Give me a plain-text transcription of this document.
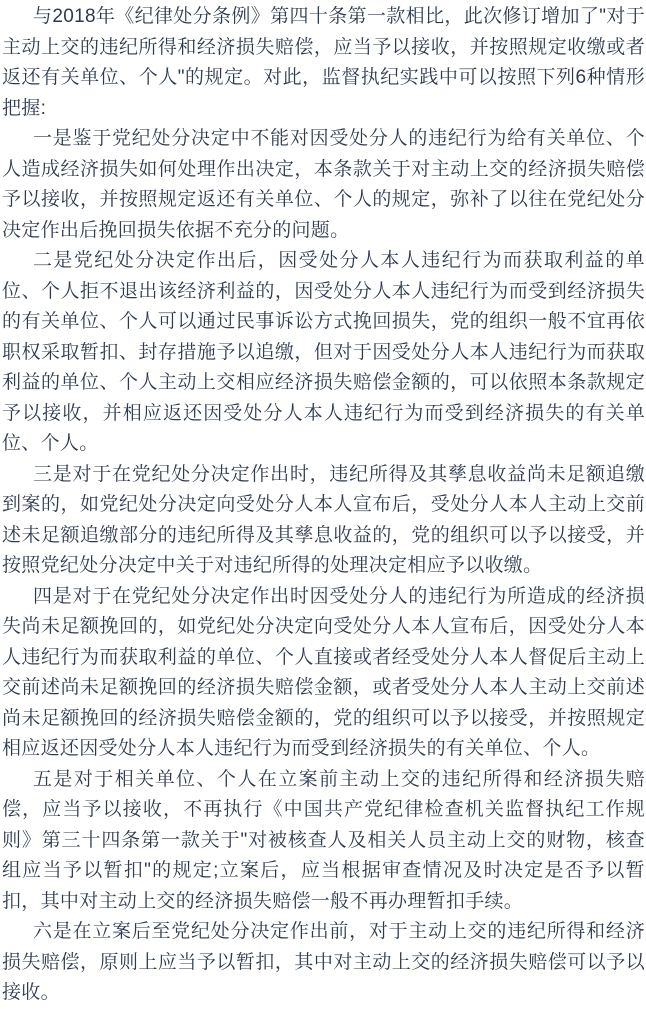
与2018年《纪律处分条例》第四十条第一款相比，此次修订增加了"对于主动上交的违纪所得和经济损失赔偿，应当予以接收，并按照规定收缴或者返还有关单位、个人"的规定。对此，监督执纪实践中可以按照下列6种情形把握:

一是鉴于党纪处分决定中不能对因受处分人的违纪行为给有关单位、个人造成经济损失如何处理作出决定，本条款关于对主动上交的经济损失赔偿予以接收，并按照规定返还有关单位、个人的规定，弥补了以往在党纪处分决定作出后挽回损失依据不充分的问题。

二是党纪处分决定作出后，因受处分人本人违纪行为而获取利益的单位、个人拒不退出该经济利益的，因受处分人本人违纪行为而受到经济损失的有关单位、个人可以通过民事诉讼方式挽回损失，党的组织一般不宜再依职权采取暂扣、封存措施予以追缴，但对于因受处分人本人违纪行为而获取利益的单位、个人主动上交相应经济损失赔偿金额的，可以依照本条款规定予以接收，并相应返还因受处分人本人违纪行为而受到经济损失的有关单位、个人。

三是对于在党纪处分决定作出时，违纪所得及其孳息收益尚未足额追缴到案的，如党纪处分决定向受处分人本人宣布后，受处分人本人主动上交前述未足额追缴部分的违纪所得及其孳息收益的，党的组织可以予以接受，并按照党纪处分决定中关于对违纪所得的处理决定相应予以收缴。

四是对于在党纪处分决定作出时因受处分人的违纪行为所造成的经济损失尚未足额挽回的，如党纪处分决定向受处分人本人宣布后，因受处分人本人违纪行为而获取利益的单位、个人直接或者经受处分人本人督促后主动上交前述尚未足额挽回的经济损失赔偿金额，或者受处分人本人主动上交前述尚未足额挽回的经济损失赔偿金额的，党的组织可以予以接受，并按照规定相应返还因受处分人本人违纪行为而受到经济损失的有关单位、个人。

五是对于相关单位、个人在立案前主动上交的违纪所得和经济损失赔偿，应当予以接收，不再执行《中国共产党纪律检查机关监督执纪工作规则》第三十四条第一款关于"对被核查人及相关人员主动上交的财物，核查组应当予以暂扣"的规定;立案后，应当根据审查情况及时决定是否予以暂扣，其中对主动上交的经济损失赔偿一般不再办理暂扣手续。

六是在立案后至党纪处分决定作出前，对于主动上交的违纪所得和经济损失赔偿，原则上应当予以暂扣，其中对主动上交的经济损失赔偿可以予以接收。
